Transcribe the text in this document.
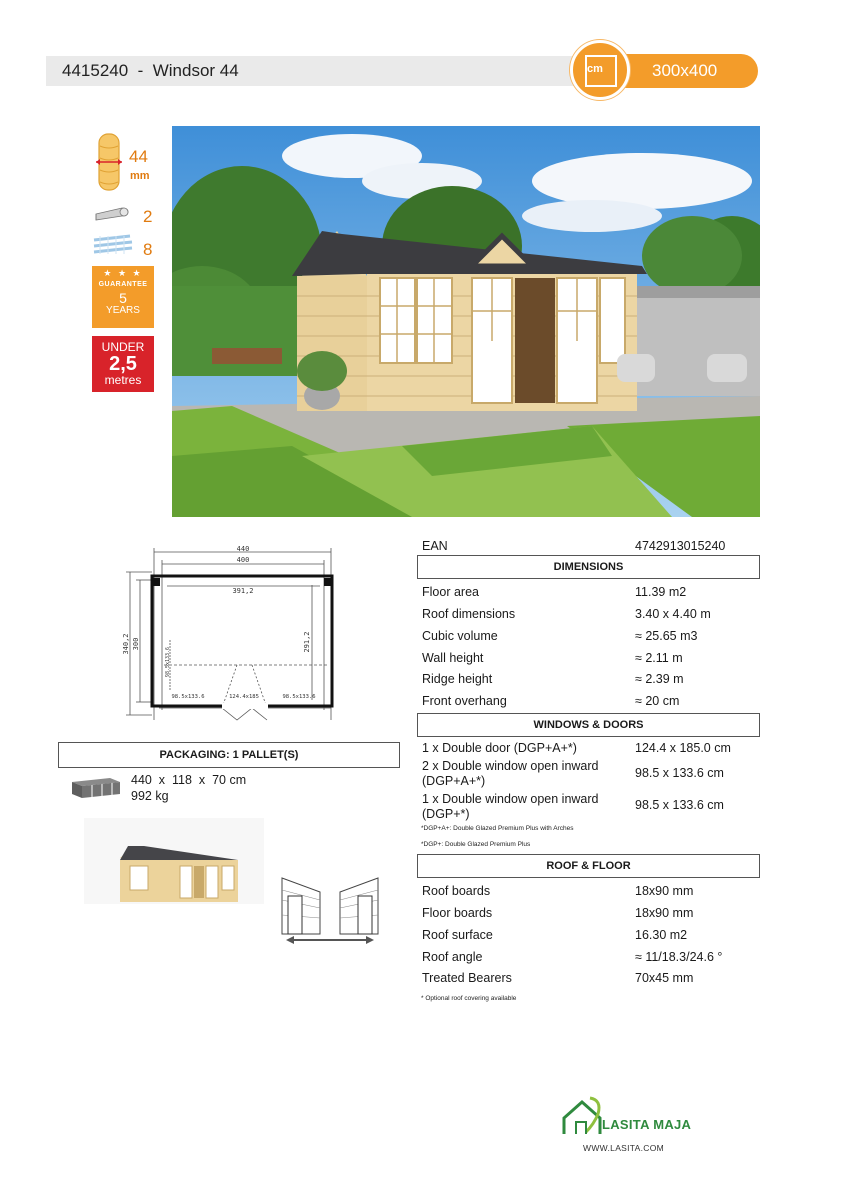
4415240  -  Windsor 44	300x400
cm
44
mm
2
8
★ ★ ★
GUARANTEE
5
YEARS
UNDER
2,5
metres
440
400
391,2
340,2 300	291,2
98.5x133.6
98.5x133.6	124.4x185	98.5x133.6
PACKAGING: 1 PALLET(S)
440  x  118  x  70 cm
992 kg
EAN	4742913015240
DIMENSIONS
Floor area	11.39 m2
Roof dimensions	3.40 x 4.40 m
Cubic volume	≈ 25.65 m3
Wall height	≈ 2.11 m
Ridge height	≈ 2.39 m
Front overhang	≈ 20 cm
WINDOWS & DOORS
1 x Double door (DGP+A+*)	124.4 x 185.0 cm
2 x Double window open inward
(DGP+A+*)
98.5 x 133.6 cm
1 x Double window open inward
(DGP+*)
98.5 x 133.6 cm
*DGP+A+: Double Glazed Premium Plus with Arches
*DGP+: Double Glazed Premium Plus
ROOF & FLOOR
Roof boards	18x90 mm
Floor boards	18x90 mm
Roof surface	16.30 m2
Roof angle	≈ 11/18.3/24.6 °
Treated Bearers	70x45 mm
* Optional roof covering available
LASITA MAJA
WWW.LASITA.COM
